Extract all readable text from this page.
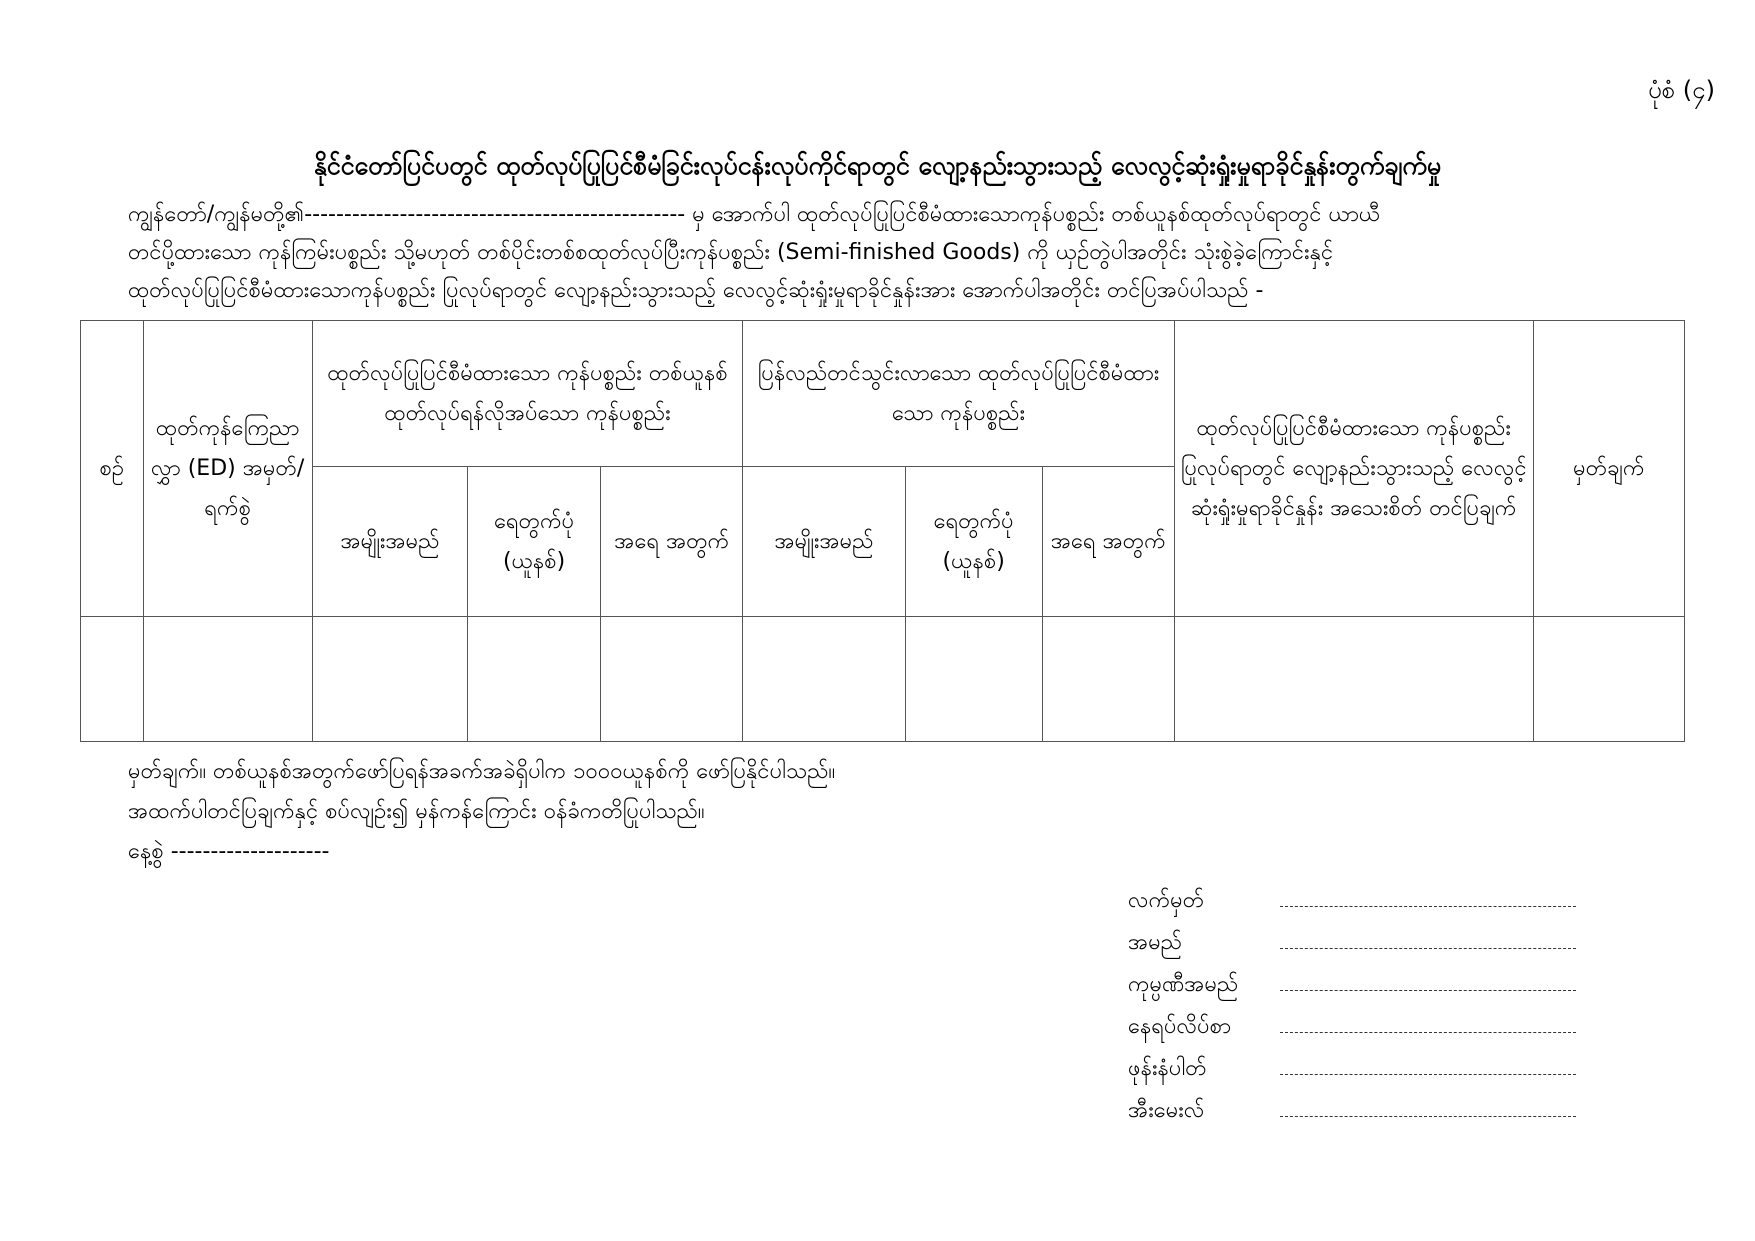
ပုံစံ (၄)
နိုင်ငံတော်ပြင်ပတွင် ထုတ်လုပ်ပြုပြင်စီမံခြင်းလုပ်ငန်းလုပ်ကိုင်ရာတွင် လျော့နည်းသွားသည့် လေလွင့်ဆုံးရှုံးမှုရာခိုင်နှုန်းတွက်ချက်မှု
ကျွန်တော်/ကျွန်မတို့၏------------------------------------------------ မှ အောက်ပါ ထုတ်လုပ်ပြုပြင်စီမံထားသောကုန်ပစ္စည်း တစ်ယူနစ်ထုတ်လုပ်ရာတွင် ယာယီ
တင်ပို့ထားသော ကုန်ကြမ်းပစ္စည်း သို့မဟုတ် တစ်ပိုင်းတစ်စထုတ်လုပ်ပြီးကုန်ပစ္စည်း (Semi-finished Goods) ကို ယှဉ်တွဲပါအတိုင်း သုံးစွဲခဲ့ကြောင်းနှင့်
ထုတ်လုပ်ပြုပြင်စီမံထားသောကုန်ပစ္စည်း ပြုလုပ်ရာတွင် လျော့နည်းသွားသည့် လေလွင့်ဆုံးရှုံးမှုရာခိုင်နှုန်းအား အောက်ပါအတိုင်း တင်ပြအပ်ပါသည် -
စဉ်	ထုတ်ကုန်ကြေညာလွှာ (ED) အမှတ်/ရက်စွဲ	ထုတ်လုပ်ပြုပြင်စီမံထားသော ကုန်ပစ္စည်း တစ်ယူနစ် ထုတ်လုပ်ရန်လိုအပ်သော ကုန်ပစ္စည်း			ပြန်လည်တင်သွင်းလာသော ထုတ်လုပ်ပြုပြင်စီမံထားသော ကုန်ပစ္စည်း			ထုတ်လုပ်ပြုပြင်စီမံထားသော ကုန်ပစ္စည်း ပြုလုပ်ရာတွင် လျော့နည်းသွားသည့် လေလွင့် ဆုံးရှုံးမှုရာခိုင်နှုန်း အသေးစိတ် တင်ပြချက်	မှတ်ချက်
		အမျိုးအမည်	ရေတွက်ပုံ (ယူနစ်)	အရေ အတွက်	အမျိုးအမည်	ရေတွက်ပုံ (ယူနစ်)	အရေ အတွက်		

မှတ်ချက်။ တစ်ယူနစ်အတွက်ဖော်ပြရန်အခက်အခဲရှိပါက ၁၀၀၀ယူနစ်ကို ဖော်ပြနိုင်ပါသည်။
အထက်ပါတင်ပြချက်နှင့် စပ်လျဉ်း၍ မှန်ကန်ကြောင်း ဝန်ခံကတိပြုပါသည်။
နေ့စွဲ --------------------
လက်မှတ်
အမည်
ကုမ္ပဏီအမည်
နေရပ်လိပ်စာ
ဖုန်းနံပါတ်
အီးမေးလ်
